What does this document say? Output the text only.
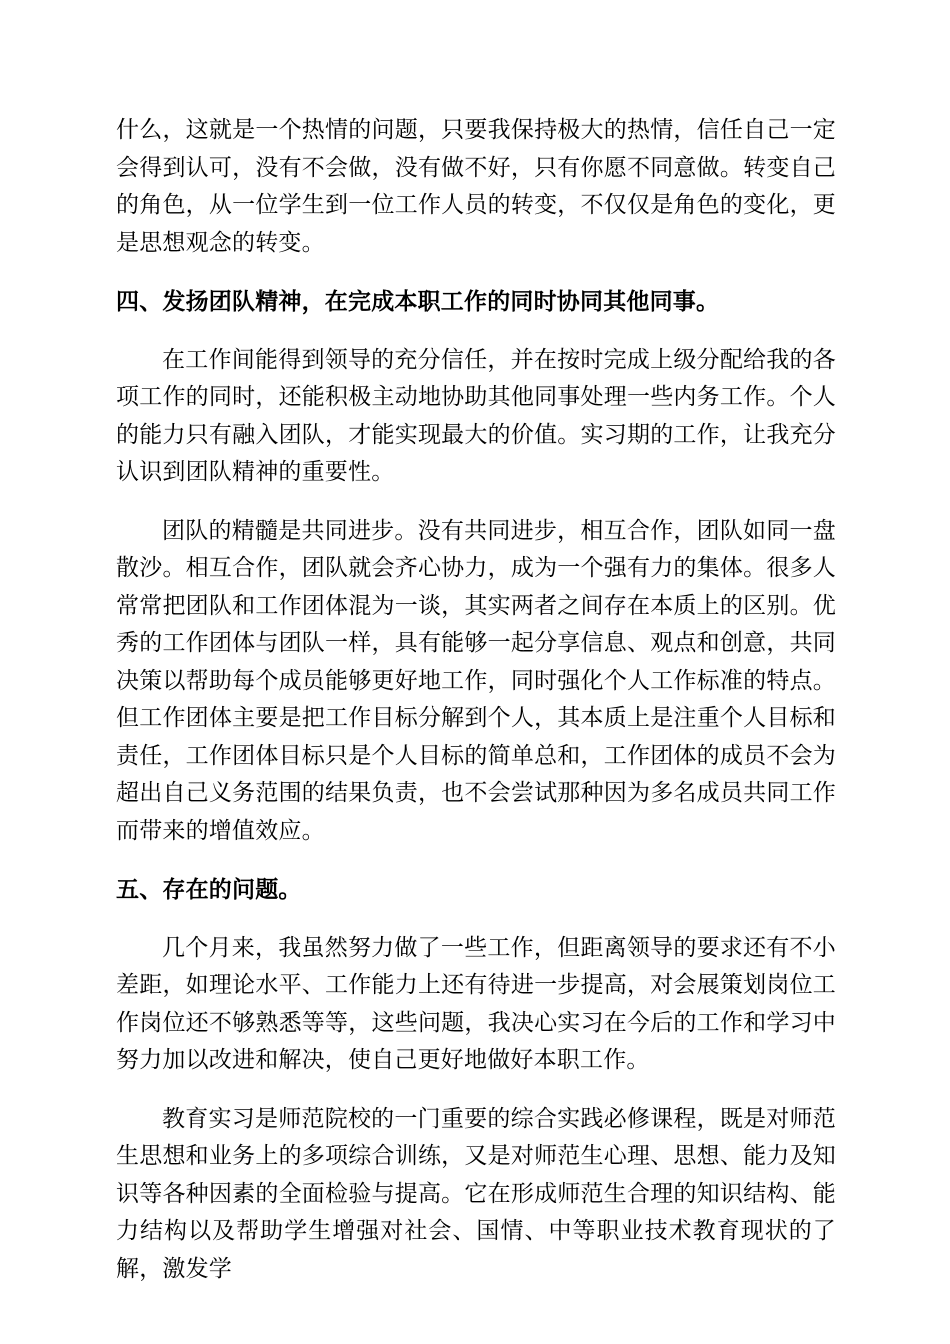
什么，这就是一个热情的问题，只要我保持极大的热情，信任自己一定会得到认可，没有不会做，没有做不好，只有你愿不同意做。转变自己的角色，从一位学生到一位工作人员的转变，不仅仅是角色的变化，更是思想观念的转变。

四、发扬团队精神，在完成本职工作的同时协同其他同事。

在工作间能得到领导的充分信任，并在按时完成上级分配给我的各项工作的同时，还能积极主动地协助其他同事处理一些内务工作。个人的能力只有融入团队，才能实现最大的价值。实习期的工作，让我充分认识到团队精神的重要性。

团队的精髓是共同进步。没有共同进步，相互合作，团队如同一盘散沙。相互合作，团队就会齐心协力，成为一个强有力的集体。很多人常常把团队和工作团体混为一谈，其实两者之间存在本质上的区别。优秀的工作团体与团队一样，具有能够一起分享信息、观点和创意，共同决策以帮助每个成员能够更好地工作，同时强化个人工作标准的特点。但工作团体主要是把工作目标分解到个人，其本质上是注重个人目标和责任，工作团体目标只是个人目标的简单总和，工作团体的成员不会为超出自己义务范围的结果负责，也不会尝试那种因为多名成员共同工作而带来的增值效应。

五、存在的问题。

几个月来，我虽然努力做了一些工作，但距离领导的要求还有不小差距，如理论水平、工作能力上还有待进一步提高，对会展策划岗位工作岗位还不够熟悉等等，这些问题，我决心实习在今后的工作和学习中努力加以改进和解决，使自己更好地做好本职工作。

教育实习是师范院校的一门重要的综合实践必修课程，既是对师范生思想和业务上的多项综合训练，又是对师范生心理、思想、能力及知识等各种因素的全面检验与提高。它在形成师范生合理的知识结构、能力结构以及帮助学生增强对社会、国情、中等职业技术教育现状的了解，激发学
